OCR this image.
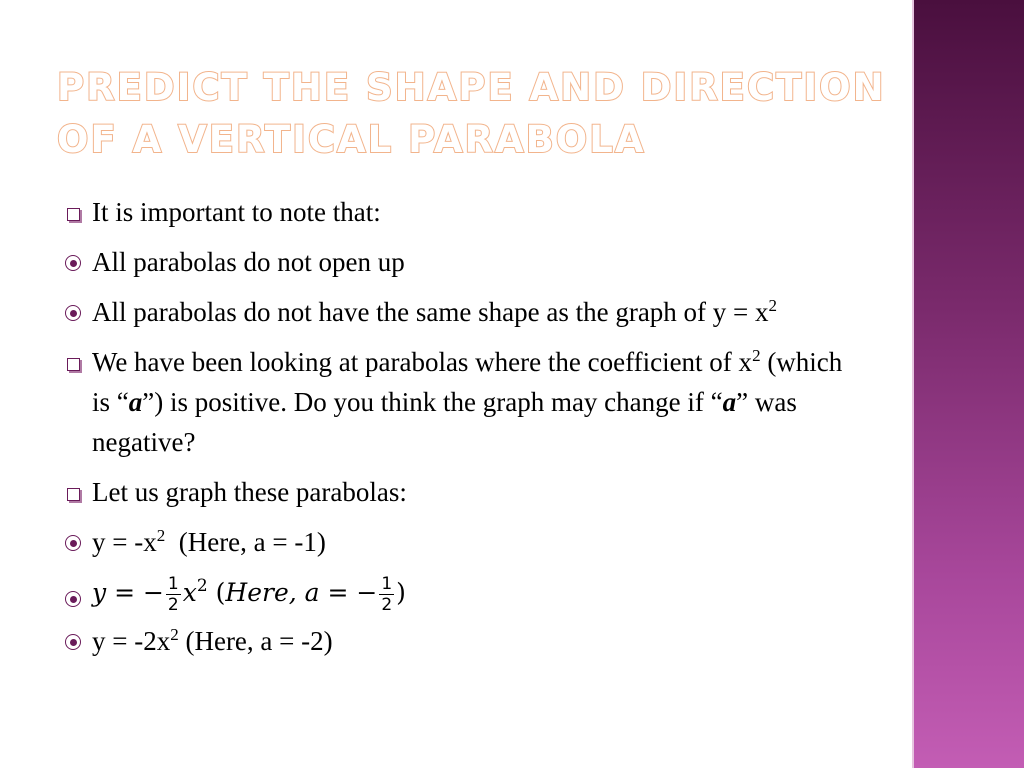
PREDICT THE SHAPE AND DIRECTION
OF A VERTICAL PARABOLA
It is important to note that:
All parabolas do not open up
All parabolas do not have the same shape as the graph of $y = x^2$
We have been looking at parabolas where the coefficient of $x^2$ (which is “a”) is positive. Do you think the graph may change if “a” was negative?
Let us graph these parabolas:
$y = -x^2$  (Here, a = -1)
y = − $\frac{1}{2} x^2$ (Here, a = − $\frac{1}{2}$ )
$y = -2x^2$ (Here, a = -2)
